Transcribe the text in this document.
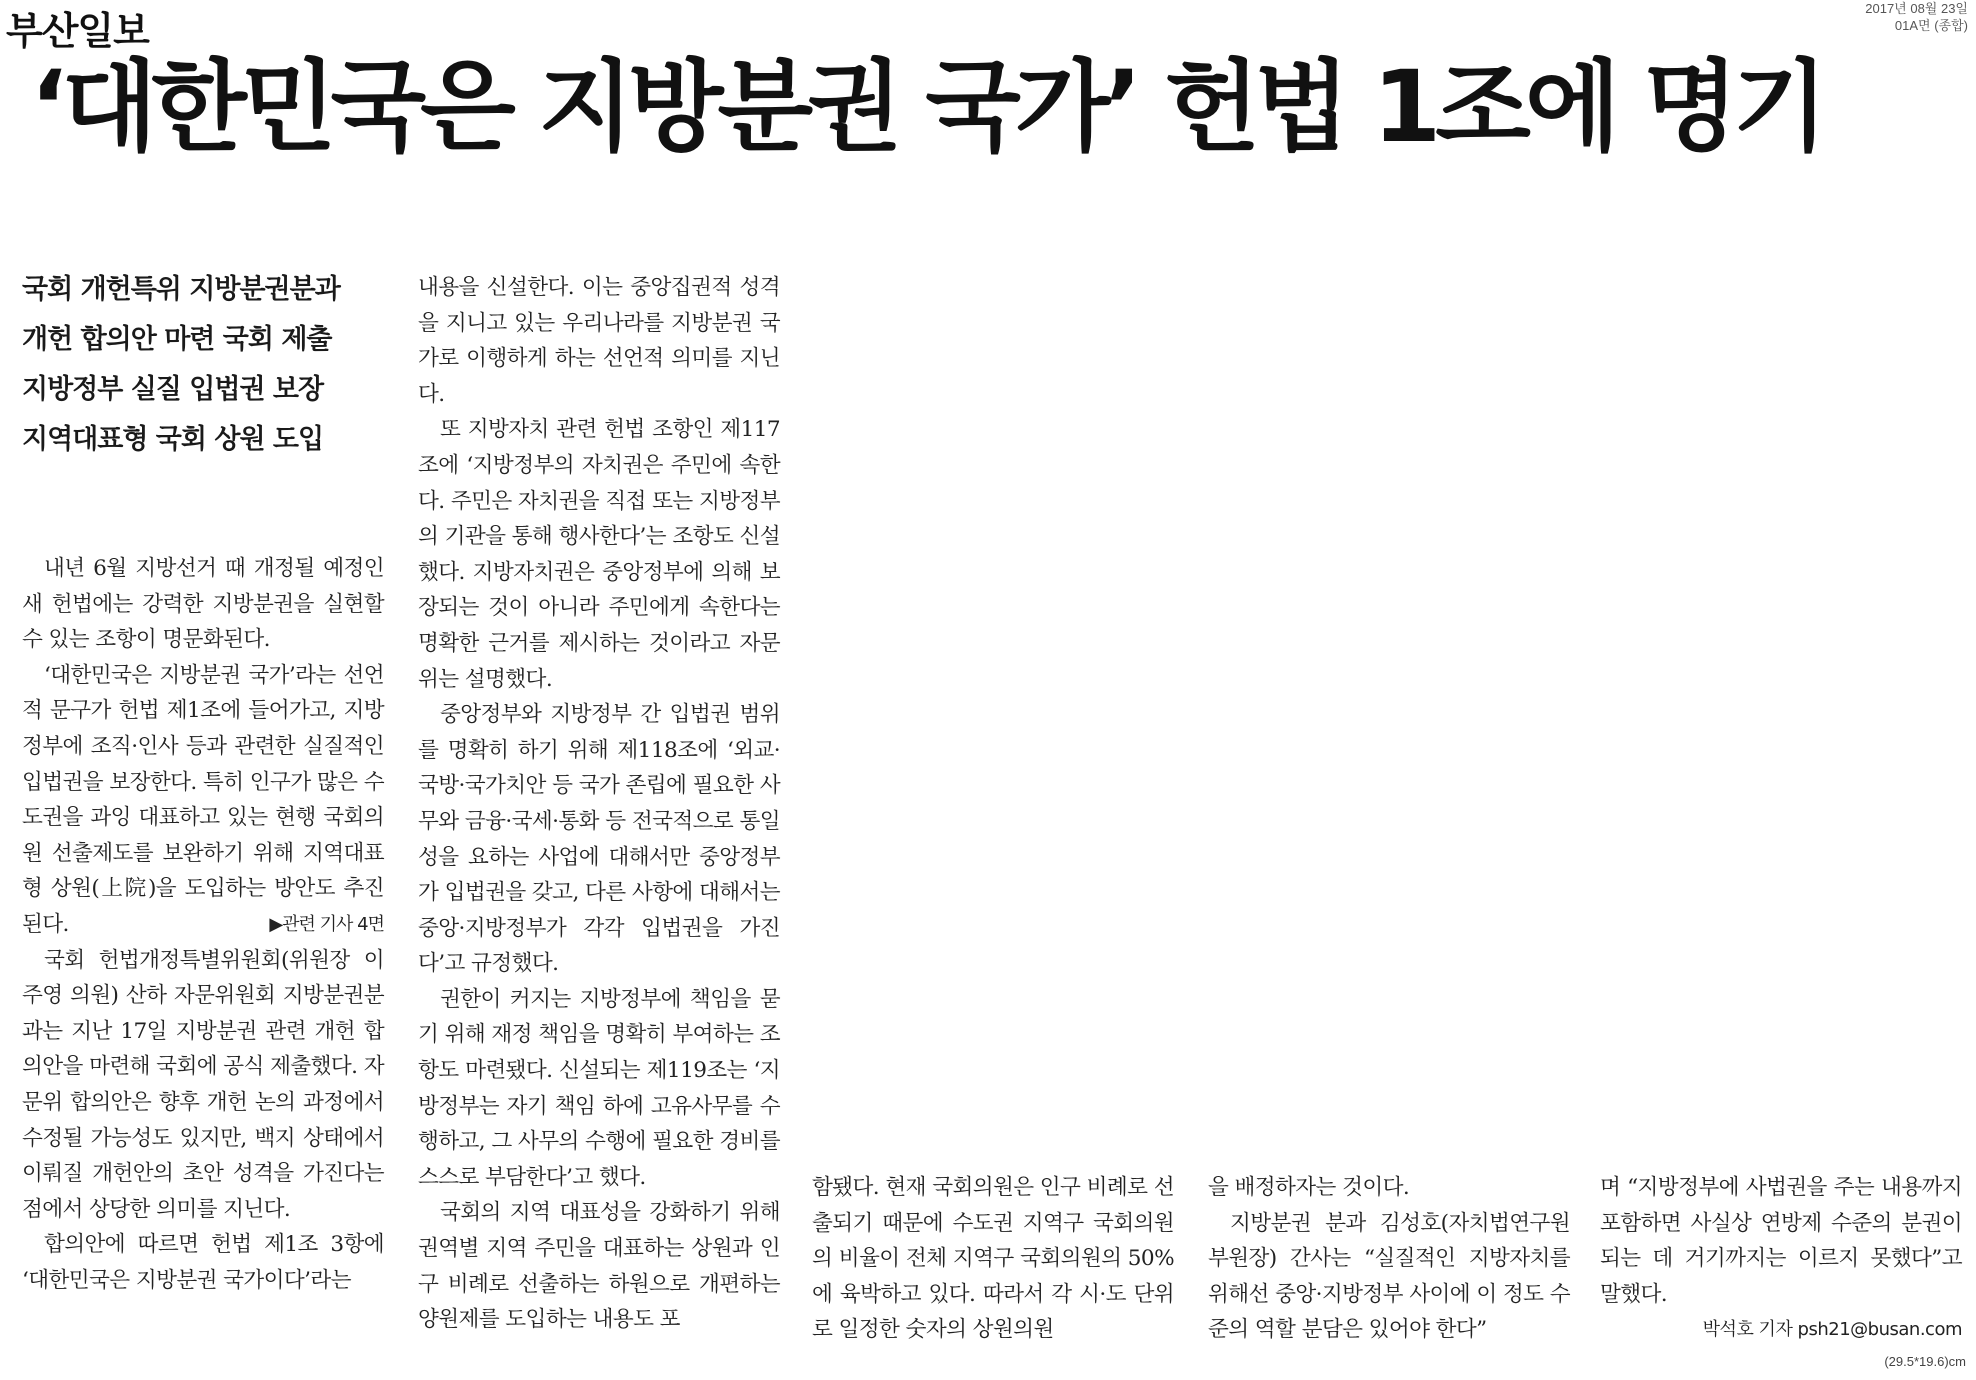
부산일보
2017년 08월 23일
01A면 (종합)
‘대한민국은 지방분권 국가’ 헌법 1조에 명기
국회 개헌특위 지방분권분과
개헌 합의안 마련 국회 제출
지방정부 실질 입법권 보장
지역대표형 국회 상원 도입

내년 6월 지방선거 때 개정될 예정인 새 헌법에는 강력한 지방분권을 실현할 수 있는 조항이 명문화된다.

‘대한민국은 지방분권 국가’라는 선언적 문구가 헌법 제1조에 들어가고, 지방정부에 조직·인사 등과 관련한 실질적인 입법권을 보장한다. 특히 인구가 많은 수도권을 과잉 대표하고 있는 현행 국회의원 선출제도를 보완하기 위해 지역대표형 상원(上院)을 도입하는 방안도 추진된다.	▶관련 기사 4면

국회 헌법개정특별위원회(위원장 이주영 의원) 산하 자문위원회 지방분권분과는 지난 17일 지방분권 관련 개헌 합의안을 마련해 국회에 공식 제출했다. 자문위 합의안은 향후 개헌 논의 과정에서 수정될 가능성도 있지만, 백지 상태에서 이뤄질 개헌안의 초안 성격을 가진다는 점에서 상당한 의미를 지닌다.

합의안에 따르면 헌법 제1조 3항에 ‘대한민국은 지방분권 국가이다’라는

내용을 신설한다. 이는 중앙집권적 성격을 지니고 있는 우리나라를 지방분권 국가로 이행하게 하는 선언적 의미를 지닌다.

또 지방자치 관련 헌법 조항인 제117조에 ‘지방정부의 자치권은 주민에 속한다. 주민은 자치권을 직접 또는 지방정부의 기관을 통해 행사한다’는 조항도 신설했다. 지방자치권은 중앙정부에 의해 보장되는 것이 아니라 주민에게 속한다는 명확한 근거를 제시하는 것이라고 자문위는 설명했다.

중앙정부와 지방정부 간 입법권 범위를 명확히 하기 위해 제118조에 ‘외교·국방·국가치안 등 국가 존립에 필요한 사무와 금융·국세·통화 등 전국적으로 통일성을 요하는 사업에 대해서만 중앙정부가 입법권을 갖고, 다른 사항에 대해서는 중앙·지방정부가 각각 입법권을 가진다’고 규정했다.

권한이 커지는 지방정부에 책임을 묻기 위해 재정 책임을 명확히 부여하는 조항도 마련됐다. 신설되는 제119조는 ‘지방정부는 자기 책임 하에 고유사무를 수행하고, 그 사무의 수행에 필요한 경비를 스스로 부담한다’고 했다.

국회의 지역 대표성을 강화하기 위해 권역별 지역 주민을 대표하는 상원과 인구 비례로 선출하는 하원으로 개편하는 양원제를 도입하는 내용도 포

함됐다. 현재 국회의원은 인구 비례로 선출되기 때문에 수도권 지역구 국회의원의 비율이 전체 지역구 국회의원의 50%에 육박하고 있다. 따라서 각 시·도 단위로 일정한 숫자의 상원의원

을 배정하자는 것이다.

지방분권 분과 김성호(자치법연구원 부원장) 간사는 “실질적인 지방자치를 위해선 중앙·지방정부 사이에 이 정도 수준의 역할 분담은 있어야 한다”

며 “지방정부에 사법권을 주는 내용까지 포함하면 사실상 연방제 수준의 분권이 되는 데 거기까지는 이르지 못했다”고 말했다.

박석호 기자 psh21@busan.com
(29.5*19.6)cm
